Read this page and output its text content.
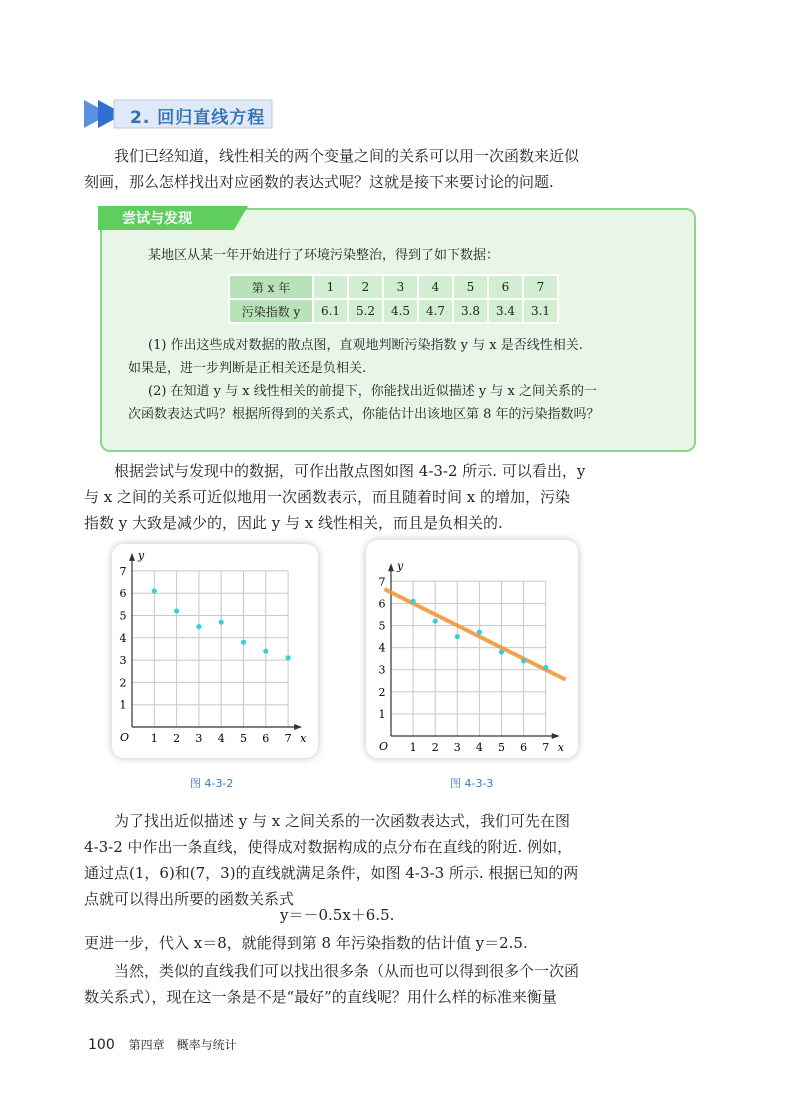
2. 回归直线方程

我们已经知道，线性相关的两个变量之间的关系可以用一次函数来近似

刻画，那么怎样找出对应函数的表达式呢？这就是接下来要讨论的问题.

尝试与发现
某地区从某一年开始进行了环境污染整治，得到了如下数据：
第 x 年	1	2	3	4	5	6	7
污染指数 y	6.1	5.2	4.5	4.7	3.8	3.4	3.1
(1) 作出这些成对数据的散点图，直观地判断污染指数 y 与 x 是否线性相关.
如果是，进一步判断是正相关还是负相关.
(2) 在知道 y 与 x 线性相关的前提下，你能找出近似描述 y 与 x 之间关系的一
次函数表达式吗？根据所得到的关系式，你能估计出该地区第 8 年的污染指数吗？

根据尝试与发现中的数据，可作出散点图如图 4-3-2 所示. 可以看出，y

与 x 之间的关系可近似地用一次函数表示，而且随着时间 x 的增加，污染

指数 y 大致是减少的，因此 y 与 x 线性相关，而且是负相关的.

1 2 3 4 5 6 7
1
2
3
4
5
6
7
O	x
y
1 2 3 4 5 6 7
1
2
3
4
5
6
7
O	x
y
图 4-3-2	图 4-3-3

为了找出近似描述 y 与 x 之间关系的一次函数表达式，我们可先在图

4-3-2 中作出一条直线，使得成对数据构成的点分布在直线的附近. 例如，

通过点(1，6)和(7，3)的直线就满足条件，如图 4-3-3 所示. 根据已知的两

点就可以得出所要的函数关系式

y＝－0.5x＋6.5.
更进一步，代入 x＝8，就能得到第 8 年污染指数的估计值 y＝2.5.

当然，类似的直线我们可以找出很多条（从而也可以得到很多个一次函

数关系式），现在这一条是不是“最好”的直线呢？用什么样的标准来衡量

100 第四章　概率与统计
